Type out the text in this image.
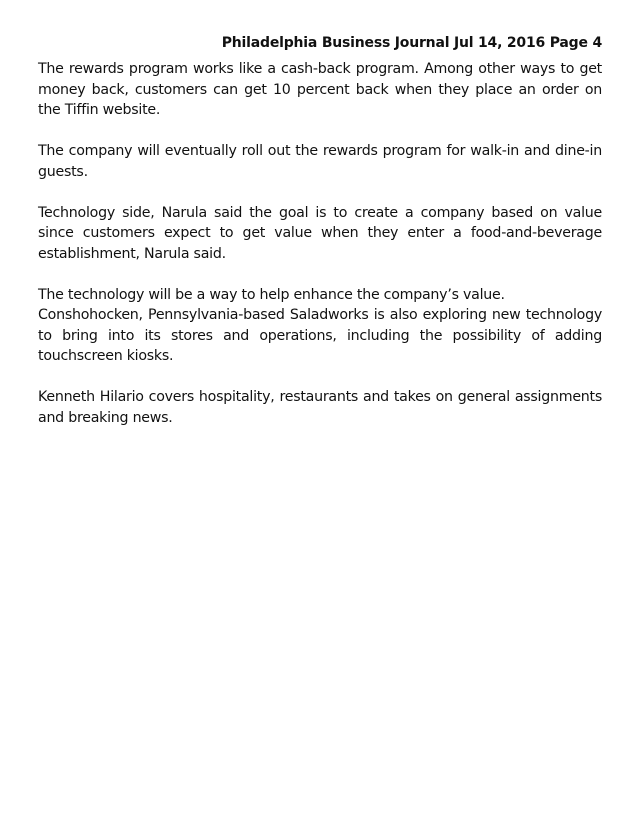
Philadelphia Business Journal Jul 14, 2016 Page 4

The rewards program works like a cash-back program. Among other ways to get money back, customers can get 10 percent back when they place an order on the Tiffin website.

The company will eventually roll out the rewards program for walk-in and dine-in guests.

Technology side, Narula said the goal is to create a company based on value since customers expect to get value when they enter a food-and-beverage establishment, Narula said.

The technology will be a way to help enhance the company’s value.

Conshohocken, Pennsylvania-based Saladworks is also exploring new technology to bring into its stores and operations, including the possibility of adding touchscreen kiosks.

Kenneth Hilario covers hospitality, restaurants and takes on general assignments and breaking news.
